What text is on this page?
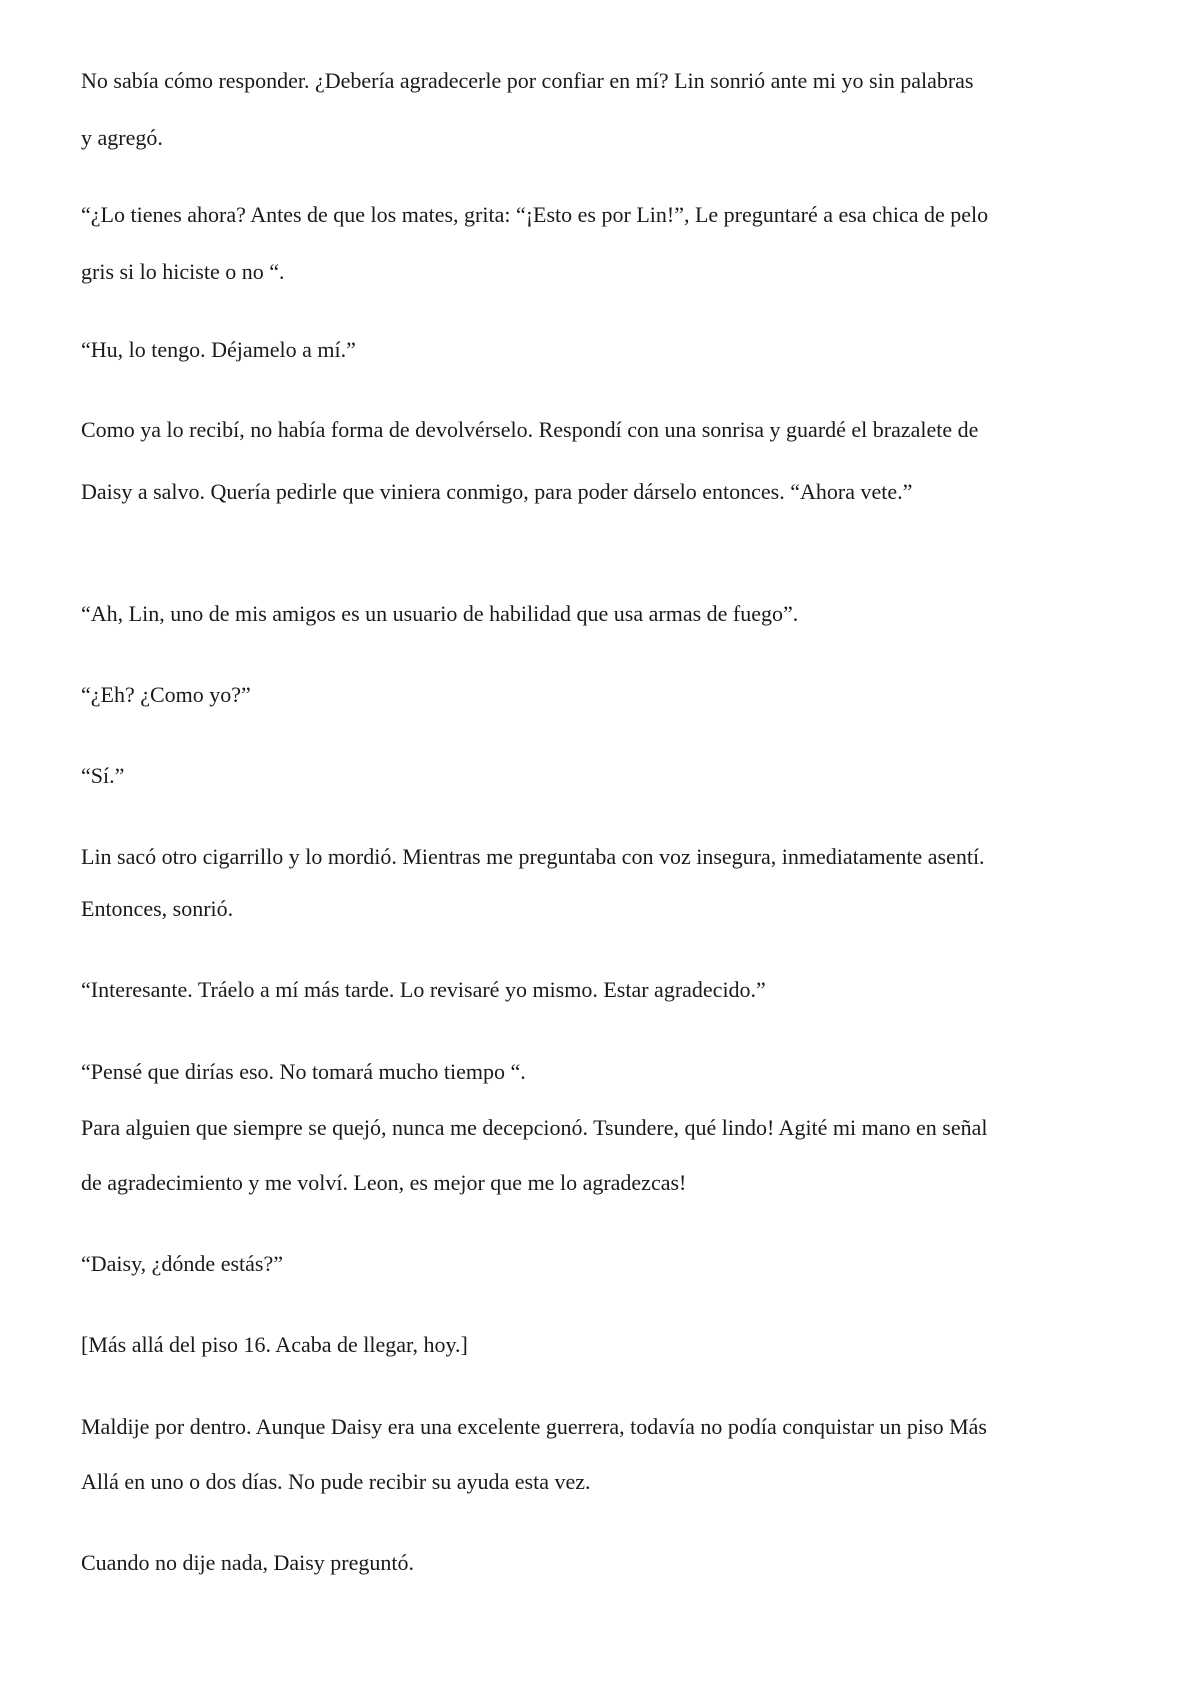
No sabía cómo responder. ¿Debería agradecerle por confiar en mí? Lin sonrió ante mi yo sin palabras

y agregó.

“¿Lo tienes ahora? Antes de que los mates, grita: “¡Esto es por Lin!”, Le preguntaré a esa chica de pelo

gris si lo hiciste o no “.

“Hu, lo tengo. Déjamelo a mí.”

Como ya lo recibí, no había forma de devolvérselo. Respondí con una sonrisa y guardé el brazalete de

Daisy a salvo. Quería pedirle que viniera conmigo, para poder dárselo entonces. “Ahora vete.”

“Ah, Lin, uno de mis amigos es un usuario de habilidad que usa armas de fuego”.

“¿Eh? ¿Como yo?”

“Sí.”

Lin sacó otro cigarrillo y lo mordió. Mientras me preguntaba con voz insegura, inmediatamente asentí.

Entonces, sonrió.

“Interesante. Tráelo a mí más tarde. Lo revisaré yo mismo. Estar agradecido.”

“Pensé que dirías eso. No tomará mucho tiempo “.

Para alguien que siempre se quejó, nunca me decepcionó. Tsundere, qué lindo! Agité mi mano en señal

de agradecimiento y me volví. Leon, es mejor que me lo agradezcas!

“Daisy, ¿dónde estás?”

[Más allá del piso 16. Acaba de llegar, hoy.]

Maldije por dentro. Aunque Daisy era una excelente guerrera, todavía no podía conquistar un piso Más

Allá en uno o dos días. No pude recibir su ayuda esta vez.

Cuando no dije nada, Daisy preguntó.
